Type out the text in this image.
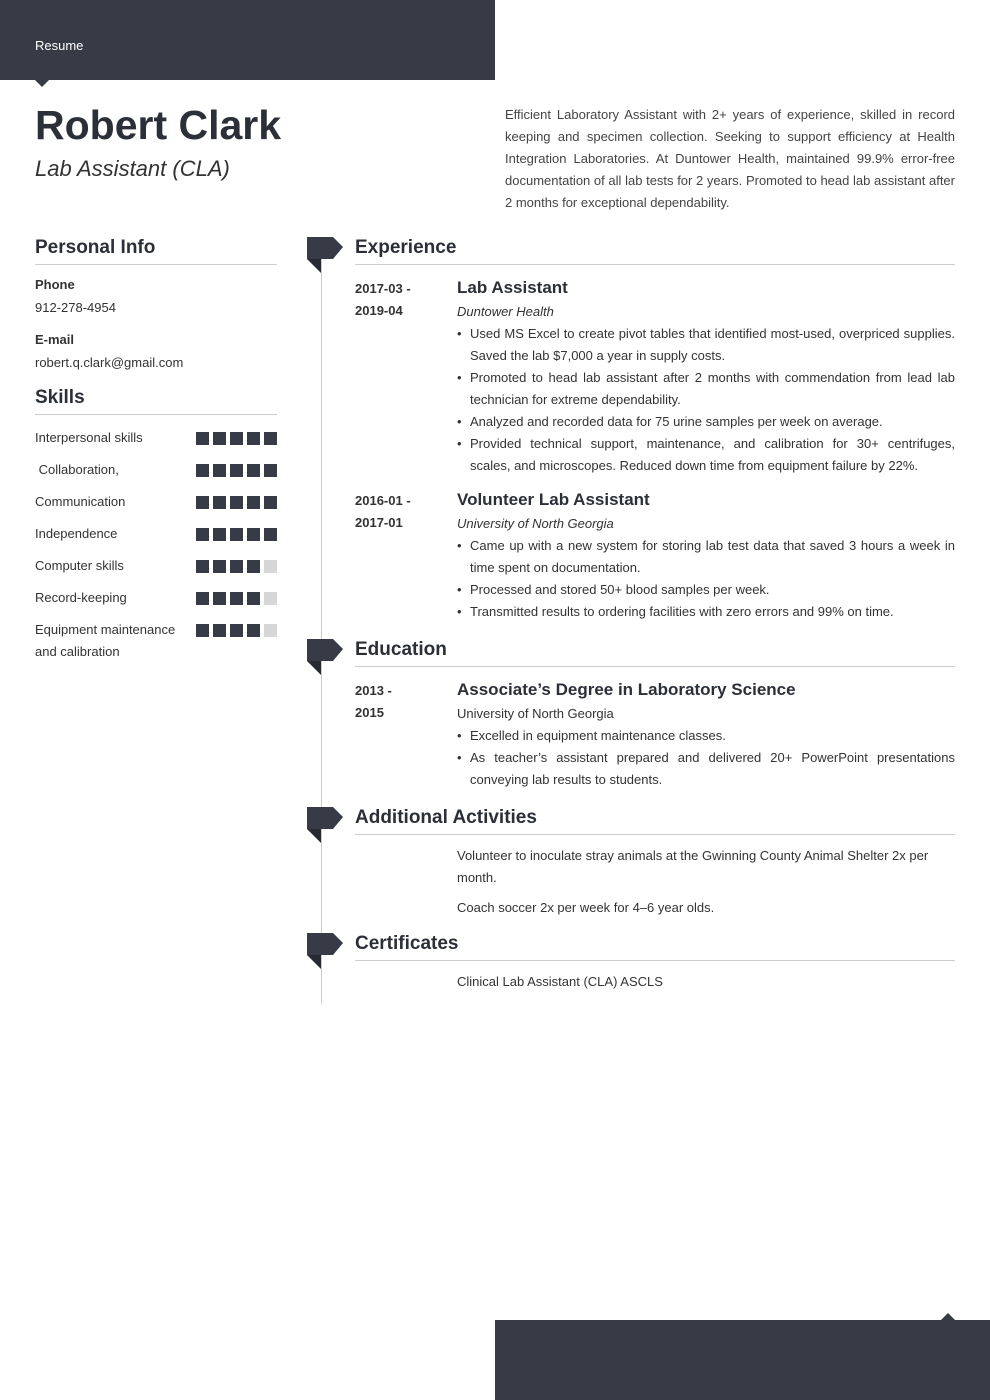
Resume
Robert Clark
Lab Assistant (CLA)
Efficient Laboratory Assistant with 2+ years of experience, skilled in record keeping and specimen collection. Seeking to support efficiency at Health Integration Laboratories. At Duntower Health, maintained 99.9% error-free documentation of all lab tests for 2 years. Promoted to head lab assistant after 2 months for exceptional dependability.
Personal Info
Phone
912-278-4954
E-mail
robert.q.clark@gmail.com
Skills
Interpersonal skills
Collaboration,
Communication
Independence
Computer skills
Record-keeping
Equipment maintenance and calibration
Experience
2017-03 -
2019-04
Lab Assistant
Duntower Health
• Used MS Excel to create pivot tables that identified most-used, overpriced supplies. Saved the lab $7,000 a year in supply costs.
• Promoted to head lab assistant after 2 months with commendation from lead lab technician for extreme dependability.
• Analyzed and recorded data for 75 urine samples per week on average.
• Provided technical support, maintenance, and calibration for 30+ centrifuges, scales, and microscopes. Reduced down time from equipment failure by 22%.
2016-01 -
2017-01
Volunteer Lab Assistant
University of North Georgia
• Came up with a new system for storing lab test data that saved 3 hours a week in time spent on documentation.
• Processed and stored 50+ blood samples per week.
• Transmitted results to ordering facilities with zero errors and 99% on time.
Education
2013 -
2015
Associate’s Degree in Laboratory Science
University of North Georgia
• Excelled in equipment maintenance classes.
• As teacher’s assistant prepared and delivered 20+ PowerPoint presentations conveying lab results to students.
Additional Activities
Volunteer to inoculate stray animals at the Gwinning County Animal Shelter 2x per month.
Coach soccer 2x per week for 4–6 year olds.
Certificates
Clinical Lab Assistant (CLA) ASCLS
